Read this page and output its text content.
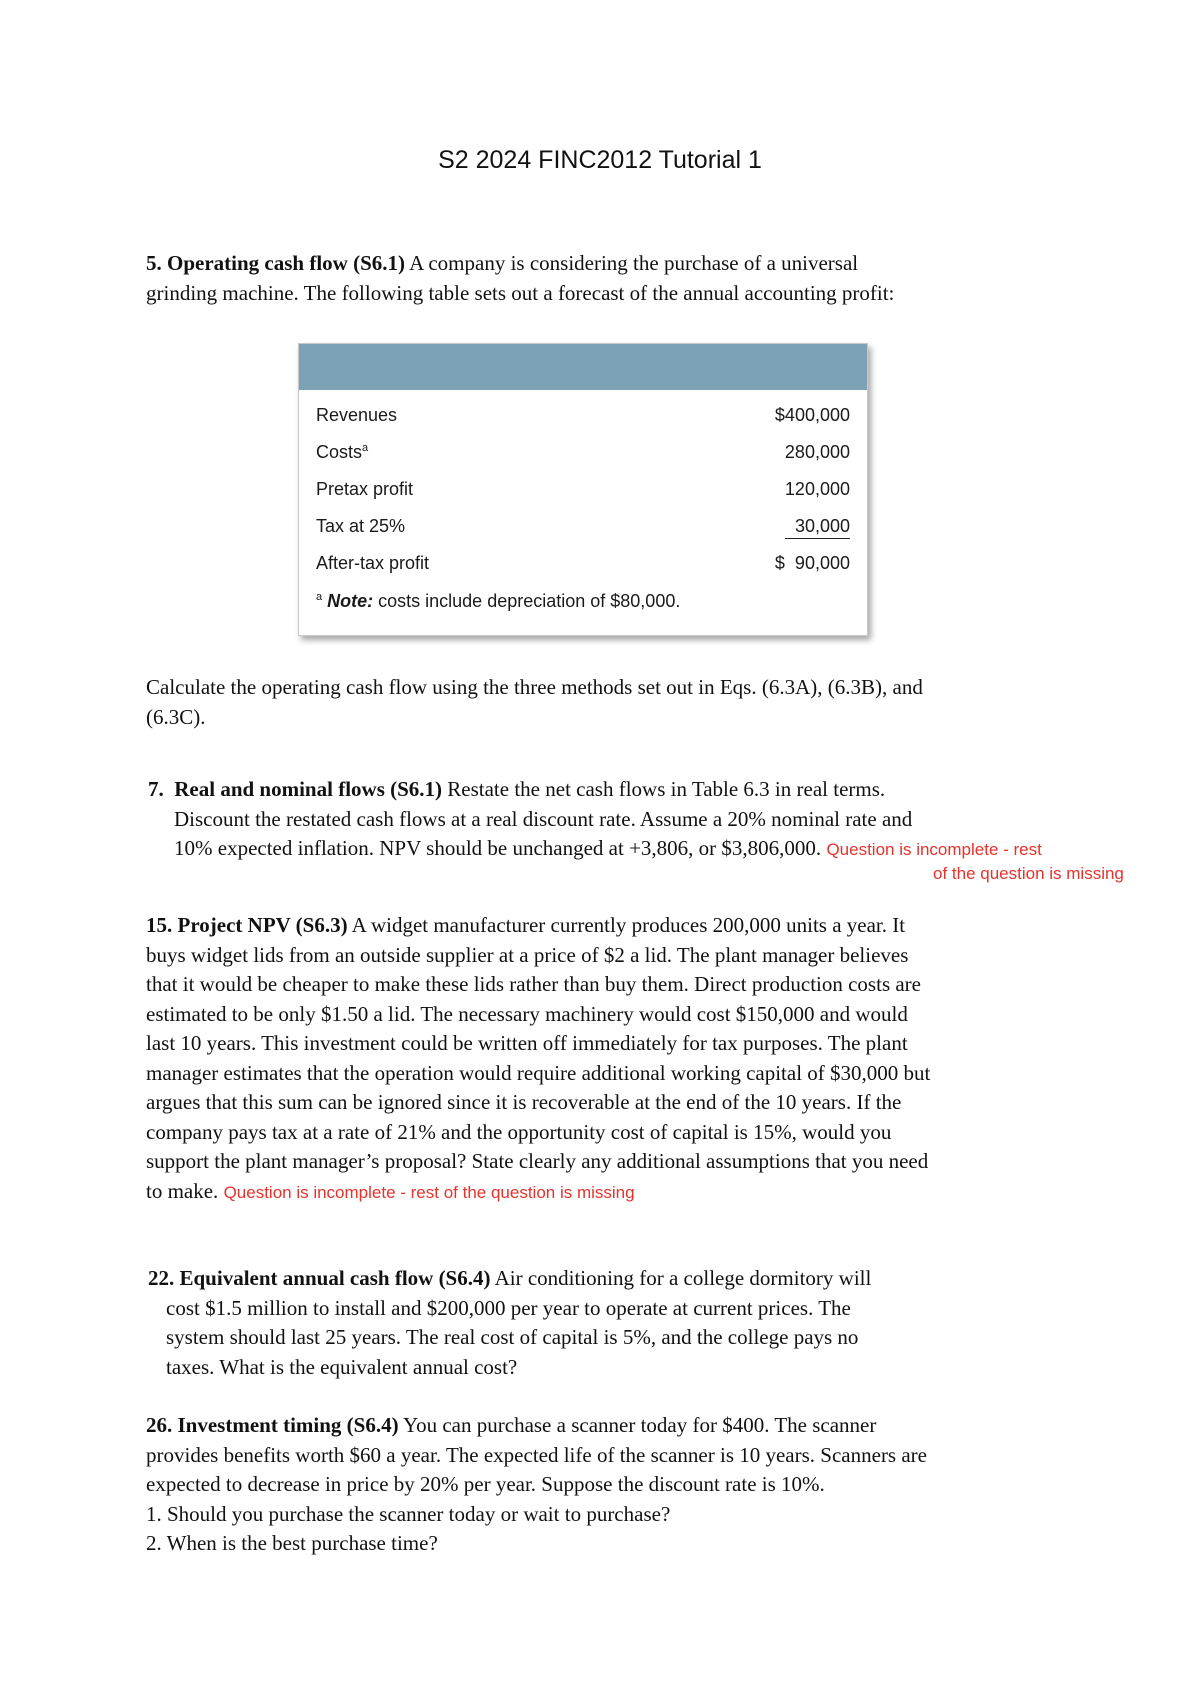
S2 2024 FINC2012 Tutorial 1
5. Operating cash flow (S6.1) A company is considering the purchase of a universal
grinding machine. The following table sets out a forecast of the annual accounting profit:
Revenues	$400,000
Costs$^a$	280,000
Pretax profit	120,000
Tax at 25%	30,000
After-tax profit	$  90,000
$^a$ Note: costs include depreciation of $80,000.
Calculate the operating cash flow using the three methods set out in Eqs. (6.3A), (6.3B), and
(6.3C).
7. Real and nominal flows (S6.1) Restate the net cash flows in Table 6.3 in real terms.
Discount the restated cash flows at a real discount rate. Assume a 20% nominal rate and
10% expected inflation. NPV should be unchanged at +3,806, or $3,806,000. Question is incomplete - rest
of the question is missing
15. Project NPV (S6.3) A widget manufacturer currently produces 200,000 units a year. It
buys widget lids from an outside supplier at a price of $2 a lid. The plant manager believes
that it would be cheaper to make these lids rather than buy them. Direct production costs are
estimated to be only $1.50 a lid. The necessary machinery would cost $150,000 and would
last 10 years. This investment could be written off immediately for tax purposes. The plant
manager estimates that the operation would require additional working capital of $30,000 but
argues that this sum can be ignored since it is recoverable at the end of the 10 years. If the
company pays tax at a rate of 21% and the opportunity cost of capital is 15%, would you
support the plant manager’s proposal? State clearly any additional assumptions that you need
to make. Question is incomplete - rest of the question is missing
22. Equivalent annual cash flow (S6.4) Air conditioning for a college dormitory will
cost $1.5 million to install and $200,000 per year to operate at current prices. The
system should last 25 years. The real cost of capital is 5%, and the college pays no
taxes. What is the equivalent annual cost?
26. Investment timing (S6.4) You can purchase a scanner today for $400. The scanner
provides benefits worth $60 a year. The expected life of the scanner is 10 years. Scanners are
expected to decrease in price by 20% per year. Suppose the discount rate is 10%.
1. Should you purchase the scanner today or wait to purchase?
2. When is the best purchase time?
